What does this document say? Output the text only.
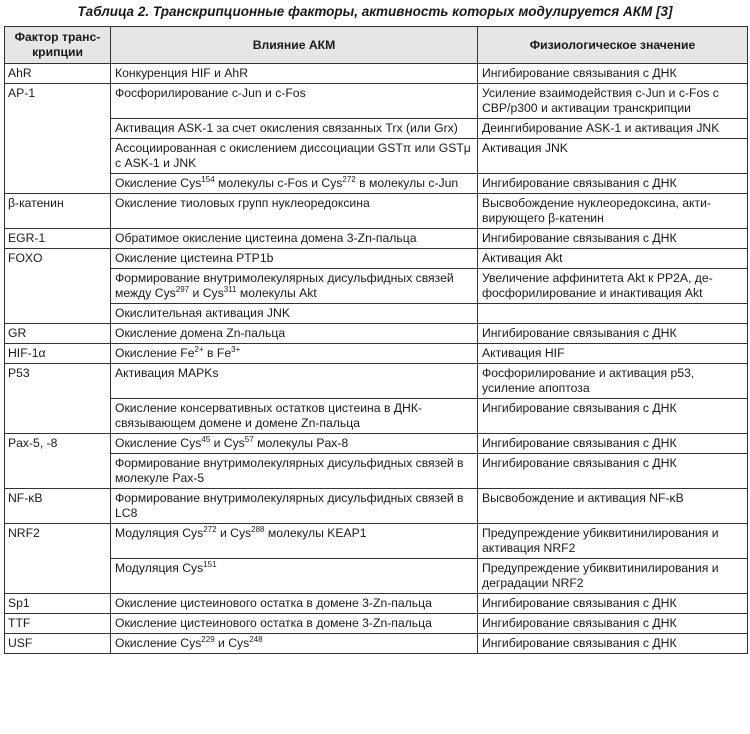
Таблица 2. Транскрипционные факторы, активность которых модулируется АКМ [3]
Фактор транс-
крипции	Влияние АКМ	Физиологическое значение
AhR	Конкуренция HIF и AhR	Ингибирование связывания с ДНК
AP-1	Фосфорилирование c-Jun и c-Fos	Усиление взаимодействия c-Jun и c-Fos с CBP/p300 и активации транскрипции
	Активация ASK-1 за счет окисления связанных Trx (или Grx)	Деингибирование ASK-1 и активация JNK
	Ассоциированная с окислением диссоциации GSTπ или GSTμ с ASK-1 и JNK	Активация JNK
	Окисление Cys$^{154}$ молекулы c-Fos и Cys$^{272}$ в молекулы c-Jun	Ингибирование связывания с ДНК
β-катенин	Окисление тиоловых групп нуклеоредоксина	Высвобождение нуклеоредоксина, акти-вирующего β-катенин
EGR-1	Обратимое окисление цистеина домена 3-Zn-пальца	Ингибирование связывания с ДНК
FOXO	Окисление цистеина PTP1b	Активация Akt
	Формирование внутримолекулярных дисульфидных связей между Cys$^{297}$ и Cys$^{311}$ молекулы Akt	Увеличение аффинитета Akt к PP2A, де-фосфорилирование и инактивация Akt
	Окислительная активация JNK	
GR	Окисление домена Zn-пальца	Ингибирование связывания с ДНК
HIF-1α	Окисление $Fe^{2+}$ в $Fe^{3+}$	Активация HIF
P53	Активация MAPKs	Фосфорилирование и активация p53, усиление апоптоза
	Окисление консервативных остатков цистеина в ДНК-связывающем домене и домене Zn-пальца	Ингибирование связывания с ДНК
Pax-5, -8	Окисление Cys$^{45}$ и Cys$^{57}$ молекулы Pax-8	Ингибирование связывания с ДНК
	Формирование внутримолекулярных дисульфидных связей в молекуле Pax-5	Ингибирование связывания с ДНК
NF-κB	Формирование внутримолекулярных дисульфидных связей в LC8	Высвобождение и активация NF-κB
NRF2	Модуляция Cys$^{272}$ и Cys$^{288}$ молекулы KEAP1	Предупреждение убиквитинилирования и активация NRF2
	Модуляция Cys$^{151}$	Предупреждение убиквитинилирования и деградации NRF2
Sp1	Окисление цистеинового остатка в домене 3-Zn-пальца	Ингибирование связывания с ДНК
TTF	Окисление цистеинового остатка в домене 3-Zn-пальца	Ингибирование связывания с ДНК
USF	Окисление Cys$^{229}$ и Cys$^{248}$	Ингибирование связывания с ДНК
